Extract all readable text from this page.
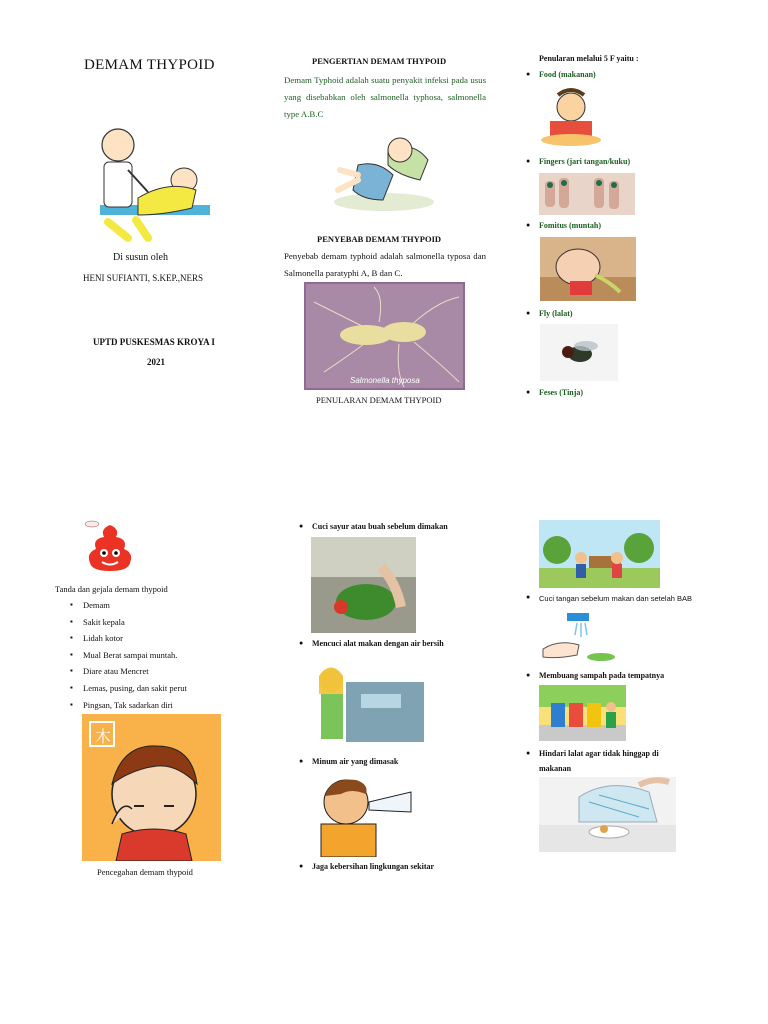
DEMAM THYPOID
Di susun oleh
HENI SUFIANTI, S.KEP.,NERS
UPTD PUSKESMAS KROYA I
2021
PENGERTIAN DEMAM THYPOID
Demam Typhoid adalah suatu penyakit infeksi pada usus yang disebabkan oleh salmonella typhosa, salmonella type A.B.C
PENYEBAB DEMAM THYPOID
Penyebab demam typhoid adalah salmonella typosa dan Salmonella paratyphi A, B dan C.
Salmonella thyposa
PENULARAN DEMAM THYPOID
Penularan melalui 5 F yaitu :
● Food (makanan)
● Fingers (jari tangan/kuku)
● Fomitus (muntah)
● Fly (lalat)
● Feses (Tinja)
Tanda dan gejala demam thypoid
▪ Demam
▪ Sakit kepala
▪ Lidah kotor
▪ Mual Berat sampai muntah.
▪ Diare atau Mencret
▪ Lemas, pusing, dan sakit perut
▪ Pingsan, Tak sadarkan diri
木
Pencegahan demam thypoid
● Cuci sayur atau buah sebelum dimakan
● Mencuci alat makan dengan air bersih
● Minum air yang dimasak
● Jaga kebersihan lingkungan sekitar
● Cuci tangan sebelum makan dan setelah BAB
● Membuang sampah pada tempatnya
● Hindari lalat agar tidak hinggap di makanan
